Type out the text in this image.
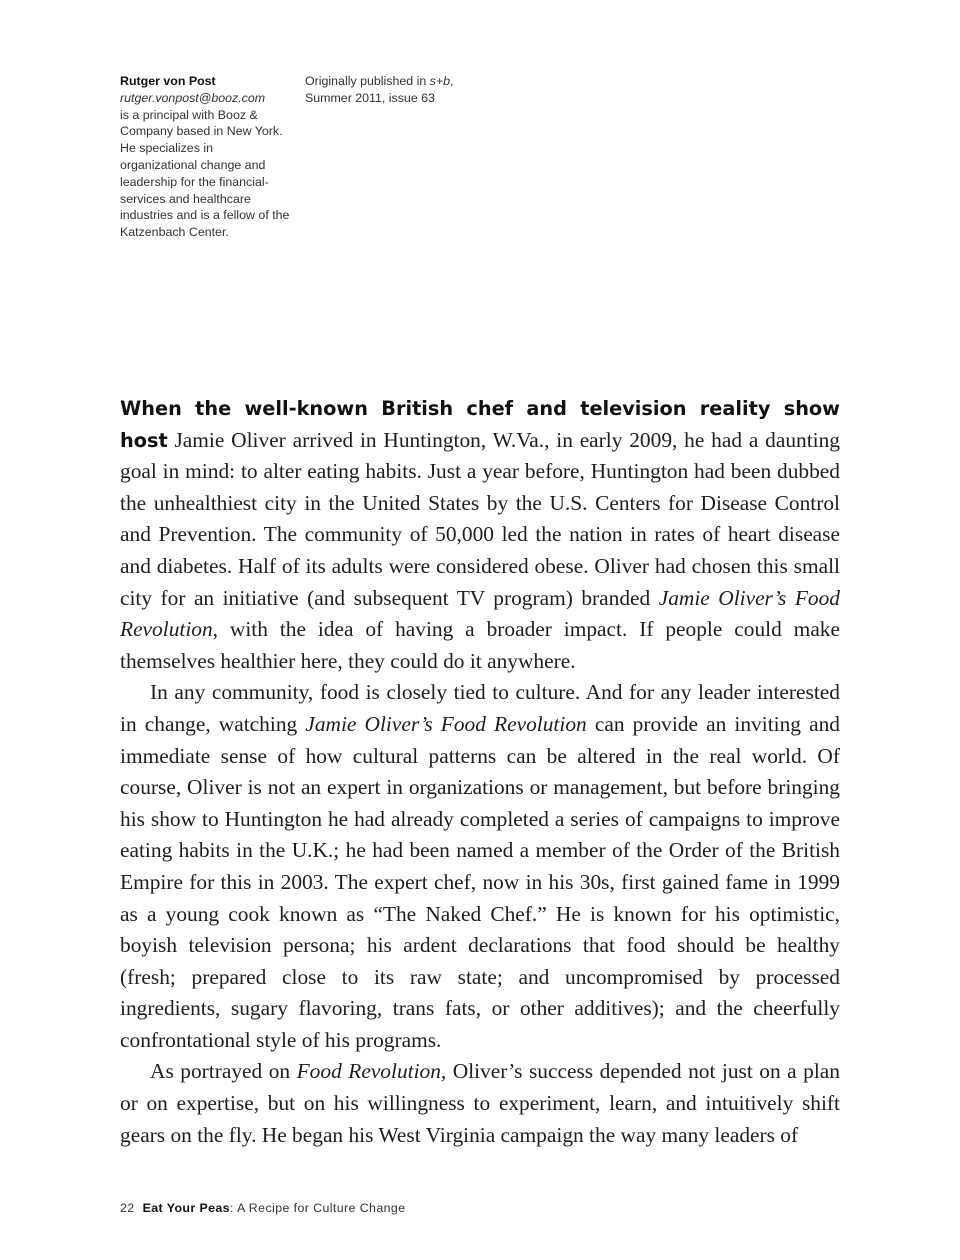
Rutger von Post
rutger.vonpost@booz.com
is a principal with Booz & Company based in New York. He specializes in organizational change and leadership for the financial-services and healthcare industries and is a fellow of the Katzenbach Center.
Originally published in s+b,
Summer 2011, issue 63

When the well-known British chef and television reality show host Jamie Oliver arrived in Huntington, W.Va., in early 2009, he had a daunting goal in mind: to alter eating habits. Just a year before, Huntington had been dubbed the unhealthiest city in the United States by the U.S. Centers for Disease Control and Prevention. The community of 50,000 led the nation in rates of heart disease and diabetes. Half of its adults were considered obese. Oliver had chosen this small city for an initiative (and subsequent TV program) branded Jamie Oliver’s Food Revolution, with the idea of having a broader impact. If people could make themselves healthier here, they could do it anywhere.

In any community, food is closely tied to culture. And for any leader interested in change, watching Jamie Oliver’s Food Revolution can provide an inviting and immediate sense of how cultural patterns can be altered in the real world. Of course, Oliver is not an expert in organizations or management, but before bringing his show to Huntington he had already completed a series of campaigns to improve eating habits in the U.K.; he had been named a member of the Order of the British Empire for this in 2003. The expert chef, now in his 30s, first gained fame in 1999 as a young cook known as “The Naked Chef.” He is known for his optimistic, boyish television persona; his ardent declarations that food should be healthy (fresh; prepared close to its raw state; and uncompromised by processed ingredients, sugary flavoring, trans fats, or other additives); and the cheerfully confrontational style of his programs.

As portrayed on Food Revolution, Oliver’s success depended not just on a plan or on expertise, but on his willingness to experiment, learn, and intuitively shift gears on the fly. He began his West Virginia campaign the way many leaders of

22 Eat Your Peas: A Recipe for Culture Change
